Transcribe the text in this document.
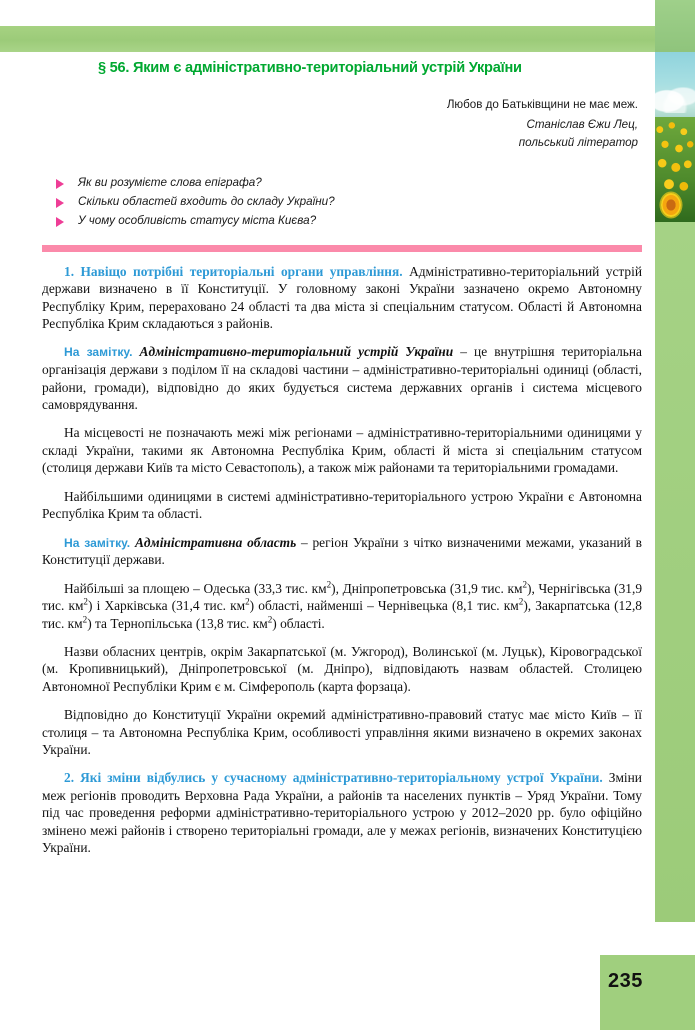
235
§ 56. Яким є адміністративно-територіальний устрій України
Любов до Батьківщини не має меж.
Станіслав Єжи Лец,
польський літератор
Як ви розумієте слова епіграфа?
Скільки областей входить до складу України?
У чому особливість статусу міста Києва?

1. Навіщо потрібні територіальні органи управління. Адміністративно-територіальний устрій держави визначено в її Конституції. У головному законі України зазначено окремо Автономну Республіку Крим, перераховано 24 області та два міста зі спеціальним статусом. Області й Автономна Республіка Крим складаються з районів.

На замітку. Адміністративно-територіальний устрій України – це внутрішня територіальна організація держави з поділом її на складові частини – адміністративно-територіальні одиниці (області, райони, громади), відповідно до яких будується система державних органів і система місцевого самоврядування.

На місцевості не позначають межі між регіонами – адміністративно-територіальними одиницями у складі України, такими як Автономна Республіка Крим, області й міста зі спеціальним статусом (столиця держави Київ та місто Севастополь), а також між районами та територіальними громадами.

Найбільшими одиницями в системі адміністративно-територіального устрою України є Автономна Республіка Крим та області.

На замітку. Адміністративна область – регіон України з чітко визначеними межами, указаний в Конституції держави.

Найбільші за площею – Одеська (33,3 тис. $км^2$), Дніпропетровська (31,9 тис. $км^2$), Чернігівська (31,9 тис. $км^2$) і Харківська (31,4 тис. $км^2$) області, найменші – Чернівецька (8,1 тис. $км^2$), Закарпатська (12,8 тис. $км^2$) та Тернопільська (13,8 тис. $км^2$) області.

Назви обласних центрів, окрім Закарпатської (м. Ужгород), Волинської (м. Луцьк), Кіровоградської (м. Кропивницький), Дніпропетровської (м. Дніпро), відповідають назвам областей. Столицею Автономної Республіки Крим є м. Сімферополь (карта форзаца).

Відповідно до Конституції України окремий адміністративно-правовий статус має місто Київ – її столиця – та Автономна Республіка Крим, особливості управління якими визначено в окремих законах України.

2. Які зміни відбулись у сучасному адміністративно-територіальному устрої України. Зміни меж регіонів проводить Верховна Рада України, а районів та населених пунктів – Уряд України. Тому під час проведення реформи адміністративно-територіального устрою у 2012–2020 рр. було офіційно змінено межі районів і створено територіальні громади, але у межах регіонів, визначених Конституцією України.
